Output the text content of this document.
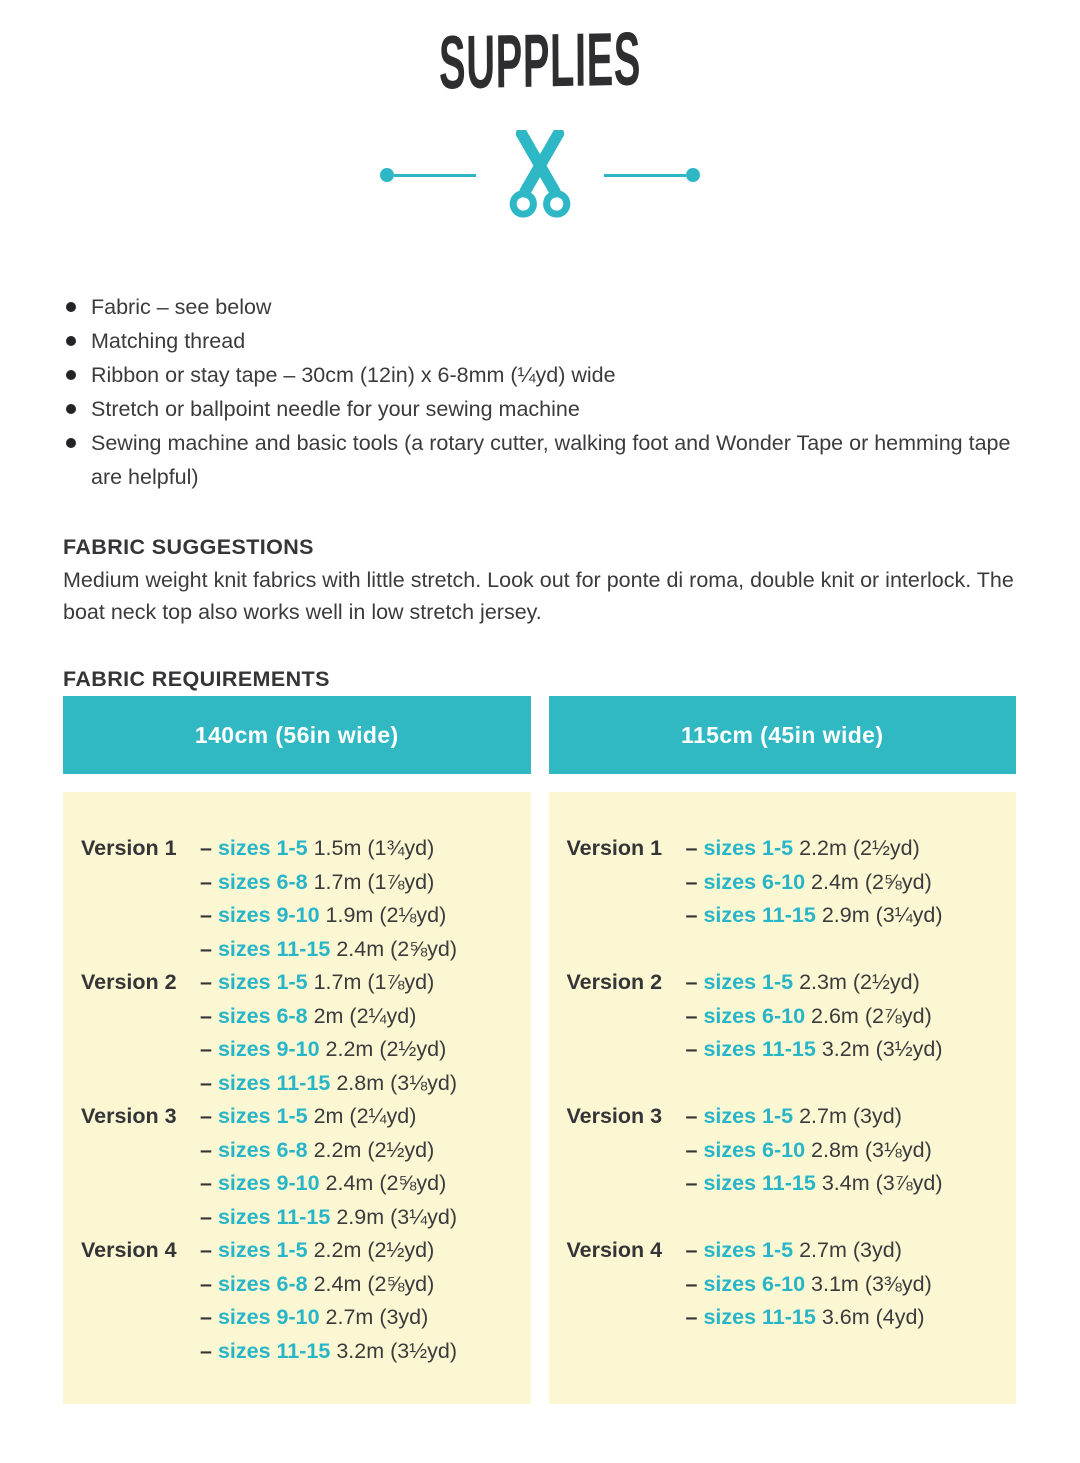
SUPPLIES
Fabric – see below
Matching thread
Ribbon or stay tape – 30cm (12in) x 6-8mm (¼yd) wide
Stretch or ballpoint needle for your sewing machine
Sewing machine and basic tools (a rotary cutter, walking foot and Wonder Tape or hemming tape are helpful)
FABRIC SUGGESTIONS

Medium weight knit fabrics with little stretch. Look out for ponte di roma, double knit or interlock. The boat neck top also works well in low stretch jersey.

FABRIC REQUIREMENTS
140cm (56in wide)
Version 1	– sizes 1-5 1.5m (1¾yd)
– sizes 6-8 1.7m (1⅞yd)
– sizes 9-10 1.9m (2⅛yd)
– sizes 11-15 2.4m (2⅝yd)
Version 2	– sizes 1-5 1.7m (1⅞yd)
– sizes 6-8 2m (2¼yd)
– sizes 9-10 2.2m (2½yd)
– sizes 11-15 2.8m (3⅛yd)
Version 3	– sizes 1-5 2m (2¼yd)
– sizes 6-8 2.2m (2½yd)
– sizes 9-10 2.4m (2⅝yd)
– sizes 11-15 2.9m (3¼yd)
Version 4	– sizes 1-5 2.2m (2½yd)
– sizes 6-8 2.4m (2⅝yd)
– sizes 9-10 2.7m (3yd)
– sizes 11-15 3.2m (3½yd)
115cm (45in wide)
Version 1	– sizes 1-5 2.2m (2½yd)
– sizes 6-10 2.4m (2⅝yd)
– sizes 11-15 2.9m (3¼yd)
Version 2	– sizes 1-5 2.3m (2½yd)
– sizes 6-10 2.6m (2⅞yd)
– sizes 11-15 3.2m (3½yd)
Version 3	– sizes 1-5 2.7m (3yd)
– sizes 6-10 2.8m (3⅛yd)
– sizes 11-15 3.4m (3⅞yd)
Version 4	– sizes 1-5 2.7m (3yd)
– sizes 6-10 3.1m (3⅜yd)
– sizes 11-15 3.6m (4yd)
